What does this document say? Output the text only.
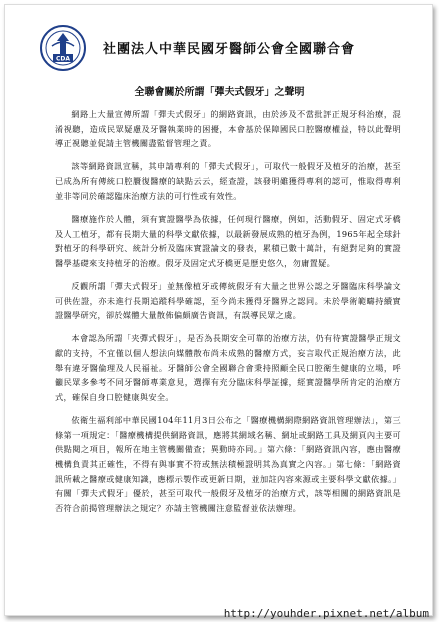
CDA
社團法人中華民國牙醫師公會全國聯合會
全聯會關於所謂「彈夫式假牙」之聲明

網路上大量宣傳所謂「彈夫式假牙」的網路資訊，由於涉及不當批評正規牙科治療，混淆視聽，造成民眾疑慮及牙醫執業時的困擾，本會基於保障國民口腔醫療權益，特以此聲明導正視聽並促請主管機關盡監督管理之責。

該等網路資訊宣稱，其申請專利的「彈夫式假牙」，可取代一般假牙及植牙的治療，甚至已成為所有傳統口腔贗復醫療的缺點云云，經查證，該發明雖獲得專利的認可，惟取得專利並非等同於確認臨床治療方法的可行性或有效性。

醫療施作於人體，須有實證醫學為依據，任何現行醫療，例如，活動假牙、固定式牙橋及人工植牙，都有長期大量的科學文獻依據，以最新發展成熟的植牙為例，1965年起全球針對植牙的科學研究、統計分析及臨床實證論文的發表，累積已數十萬計，有絕對足夠的實證醫學基礎來支持植牙的治療。假牙及固定式牙橋更是歷史悠久，勿庸置疑。

反觀所謂「彈夫式假牙」並無像植牙或傳統假牙有大量之世界公認之牙醫臨床科學論文可供佐證，亦未進行長期追蹤科學確認，至今尚未獲得牙醫界之認同。未於學術範疇持續實證醫學研究，卻於媒體大量散佈偏頗廣告資訊，有誤導民眾之虞。

本會認為所謂「夹彈式假牙」，是否為長期安全可靠的治療方法，仍有待實證醫學正規文獻的支持，不宜僅以個人想法向媒體散布尚未成熟的醫療方式，妄言取代正規治療方法，此舉有違牙醫倫理及人民福祉。牙醫師公會全國聯合會秉持照顧全民口腔衛生健康的立場，呼籲民眾多參考不同牙醫師專業意見，選擇有充分臨床科學証據，經實證醫學所肯定的治療方式，確保自身口腔健康與安全。

依衛生福利部中華民國104年11月3日公布之「醫療機構網際網路資訊管理辦法」，第三條第一項規定：「醫療機構提供網路資訊，應將其網域名稱、網址或網路工具及網頁內主要可供點閱之項目，報所在地主管機關備查；異動時亦同。」第六條：「網路資訊內容，應由醫療機構負責其正確性，不得有與事實不符或無法積極證明其為真實之內容。」第七條：「網路資訊所載之醫療或健康知識，應標示製作或更新日期，並加註內容來源或主要科學文獻依據。」有關「彈夫式假牙」優於，甚至可取代一般假牙及植牙的治療方式，該等相關的網路資訊是否符合前揭管理辦法之規定？亦請主管機關注意監督並依法辦理。

http://youhder.pixnet.net/album
